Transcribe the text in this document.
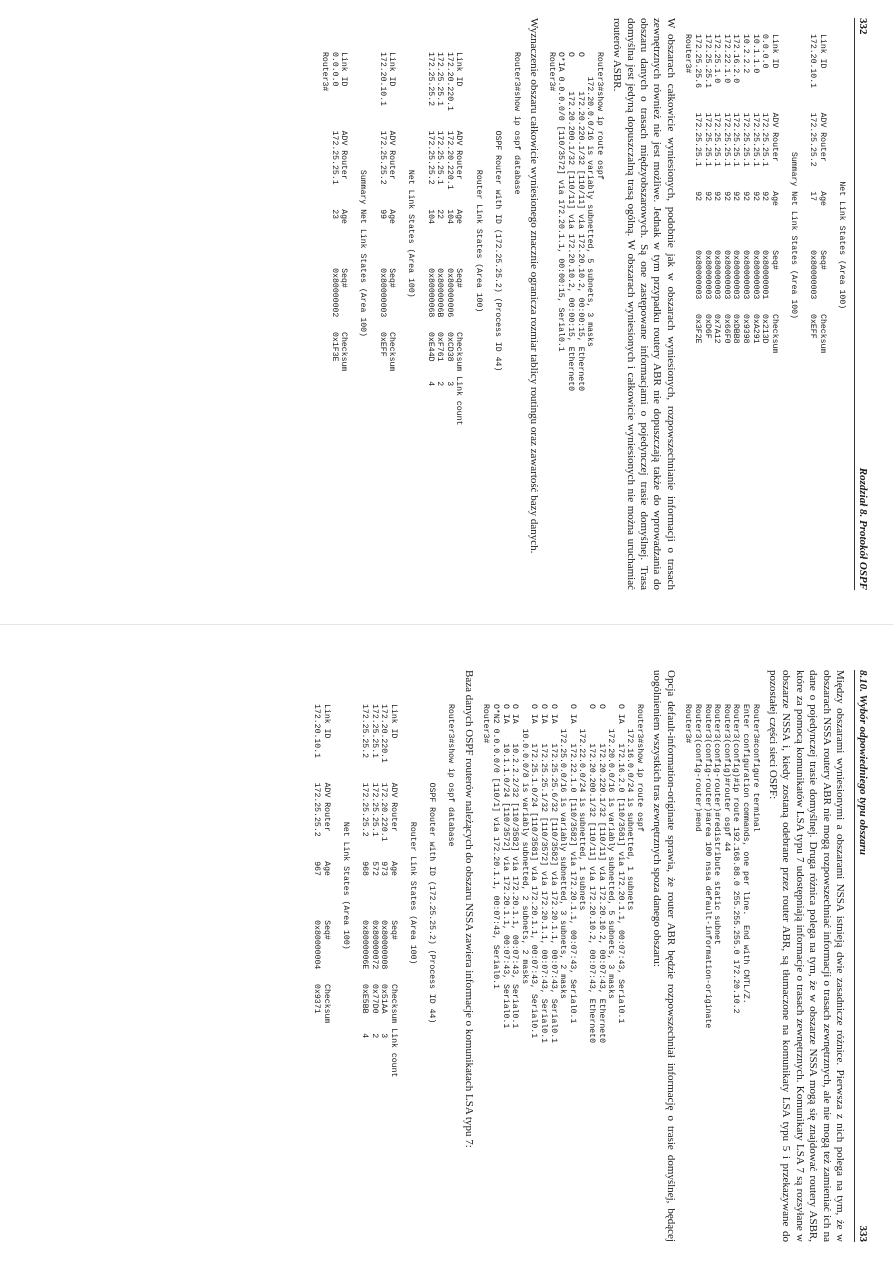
332
Rozdział 8. Protokół OSPF
Net Link States (Area 100)

Link ID         ADV Router      Age         Seq#         Checksum
172.20.10.1     172.25.25.2     17          0x80000003   0xEFF

Summary Net Link States (Area 100)

Link ID         ADV Router      Age         Seq#         Checksum
0.0.0.0         172.25.25.1     92          0x80000001   0x213D
10.1.1.0        172.25.25.1     92          0x80000003   0xA291
10.2.2.2        172.25.25.1     92          0x80000003   0x9398
172.16.2.0      172.25.25.1     92          0x80000003   0xDBB8
172.22.1.0      172.25.25.1     92          0x80000003   0x66F0
172.25.1.0      172.25.25.1     92          0x80000003   0x7A12
172.25.25.1     172.25.25.1     92          0x80000003   0xD6F
172.25.25.6     172.25.25.1     92          0x80000003   0x3F2E
Router3#

W obszarach całkowicie wyniesionych, podobnie jak w obszarach wyniesionych, rozpowszechnianie informacji o trasach zewnętrznych również nie jest możliwe. Jednak w tym przypadku routery ABR nie dopuszczają także do wprowadzania do obszaru danych o trasach międzyobszarowych. Są one zastępowane informacjami o pojedynczej trasie domyślnej. Trasa domyślna jest jedyną dopuszczalną trasą ogólną. W obszarach wyniesionych i całkowicie wyniesionych nie można uruchamiać routerów ASBR.

Router3#show ip route ospf
172.20.0.0/16 is variably subnetted, 5 subnets, 3 masks
O       172.20.220.1/32 [110/11] via 172.20.10.2, 00:00:15, Ethernet0
O       172.20.200.1/32 [110/11] via 172.20.10.2, 00:00:15, Ethernet0
O*IA 0.0.0.0/0 [110/3572] via 172.20.1.1, 00:00:15, Serial0.1
Router3#

Wyznaczenie obszaru całkowicie wyniesionego znacznie ogranicza rozmiar tablicy routingu oraz zawartość bazy danych.

Router3#show ip ospf database

OSPF Router with ID (172.25.25.2) (Process ID 44)

Router Link States (Area 100)

Link ID         ADV Router      Age         Seq#         Checksum Link count
172.20.220.1    172.20.220.1    104         0x80000006   0xCD38    3
172.25.25.1     172.25.25.1     22          0x8000006B   0xF761    2
172.25.25.2     172.25.25.2     104         0x80000068   0xE44D    4

Net Link States (Area 100)

Link ID         ADV Router      Age         Seq#         Checksum
172.20.10.1     172.25.25.2     99          0x80000003   0xEFF

Summary Net Link States (Area 100)

Link ID         ADV Router      Age         Seq#         Checksum
0.0.0.0         172.25.25.1     23          0x80000002   0x1F3E
Router3#
8.10. Wybór odpowiedniego typu obszaru
333

Między obszarami wyniesionymi a obszarami NSSA istnieją dwie zasadnicze różnice. Pierwsza z nich polega na tym, że w obszarach NSSA routery ABR nie mogą rozpowszechniać informacji o trasach zewnętrznych, ale nie mogą też zamieniać ich na dane o pojedynczej trasie domyślnej. Druga różnica polega na tym, że w obszarze NSSA mogą się znajdować routery ASBR, które za pomocą komunikatów LSA typu 7 udostępniają informacje o trasach zewnętrznych. Komunikaty LSA 7 są rozsyłane w obszarze NSSA i, kiedy zostaną odebrane przez router ABR, są tłumaczone na komunikaty LSA typu 5 i przekazywane do pozostałej części sieci OSPF:

Router3#configure terminal
Enter configuration commands, one per line.  End with CNTL/Z.
Router3(config)#ip route 192.168.88.0 255.255.255.0 172.20.10.2
Router3(config)#router ospf 44
Router3(config-router)#redistribute static subnet
Router3(config-router)#area 100 nssa default-information-originate
Router3(config-router)#end
Router3#

Opcja default-information-originate sprawia, że router ABR będzie rozpowszechniał informację o trasie domyślnej, będącej uogólnieniem wszystkich tras zewnętrznych spoza danego obszaru:

Router3#show ip route ospf
172.16.0.0/24 is subnetted, 1 subnets
O IA    172.16.2.0 [110/3581] via 172.20.1.1, 00:07:43, Serial0.1
172.20.0.0/16 is variably subnetted, 5 subnets, 3 masks
O       172.20.220.1/32 [110/11] via 172.20.10.2, 00:07:43, Ethernet0
O       172.20.200.1/32 [110/11] via 172.20.10.2, 00:07:43, Ethernet0
172.22.0.0/24 is subnetted, 1 subnets
O IA    172.22.1.0 [110/3582] via 172.20.1.1, 00:07:43, Serial0.1
172.25.0.0/16 is variably subnetted, 3 subnets, 2 masks
O IA    172.25.25.6/32 [110/3582] via 172.20.1.1, 00:07:43, Serial0.1
O IA    172.25.25.1/32 [110/3572] via 172.20.1.1, 00:07:43, Serial0.1
O IA    172.25.1.0/24 [110/3581] via 172.20.1.1, 00:07:43, Serial0.1
10.0.0.0/8 is variably subnetted, 2 subnets, 2 masks
O IA    10.2.2.2/32 [110/3582] via 172.20.1.1, 00:07:43, Serial0.1
O IA    10.1.1.0/24 [110/3572] via 172.20.1.1, 00:07:43, Serial0.1
O*N2 0.0.0.0/0 [110/1] via 172.20.1.1, 00:07:43, Serial0.1
Router3#

Baza danych OSPF routerów należących do obszaru NSSA zawiera informacje o komunikatach LSA typu 7:

Router3#show ip ospf database

OSPF Router with ID (172.25.25.2) (Process ID 44)

Router Link States (Area 100)

Link ID         ADV Router      Age         Seq#         Checksum Link count
172.20.220.1    172.20.220.1    973         0x80000008   0x51AA    3
172.25.25.1     172.25.25.1     572         0x80000072   0x77D0    2
172.25.25.2     172.25.25.2     968         0x8000006E   0xE5BB    4

Net Link States (Area 100)

Link ID         ADV Router      Age         Seq#         Checksum
172.20.10.1     172.25.25.2     967         0x80000004   0x9371
